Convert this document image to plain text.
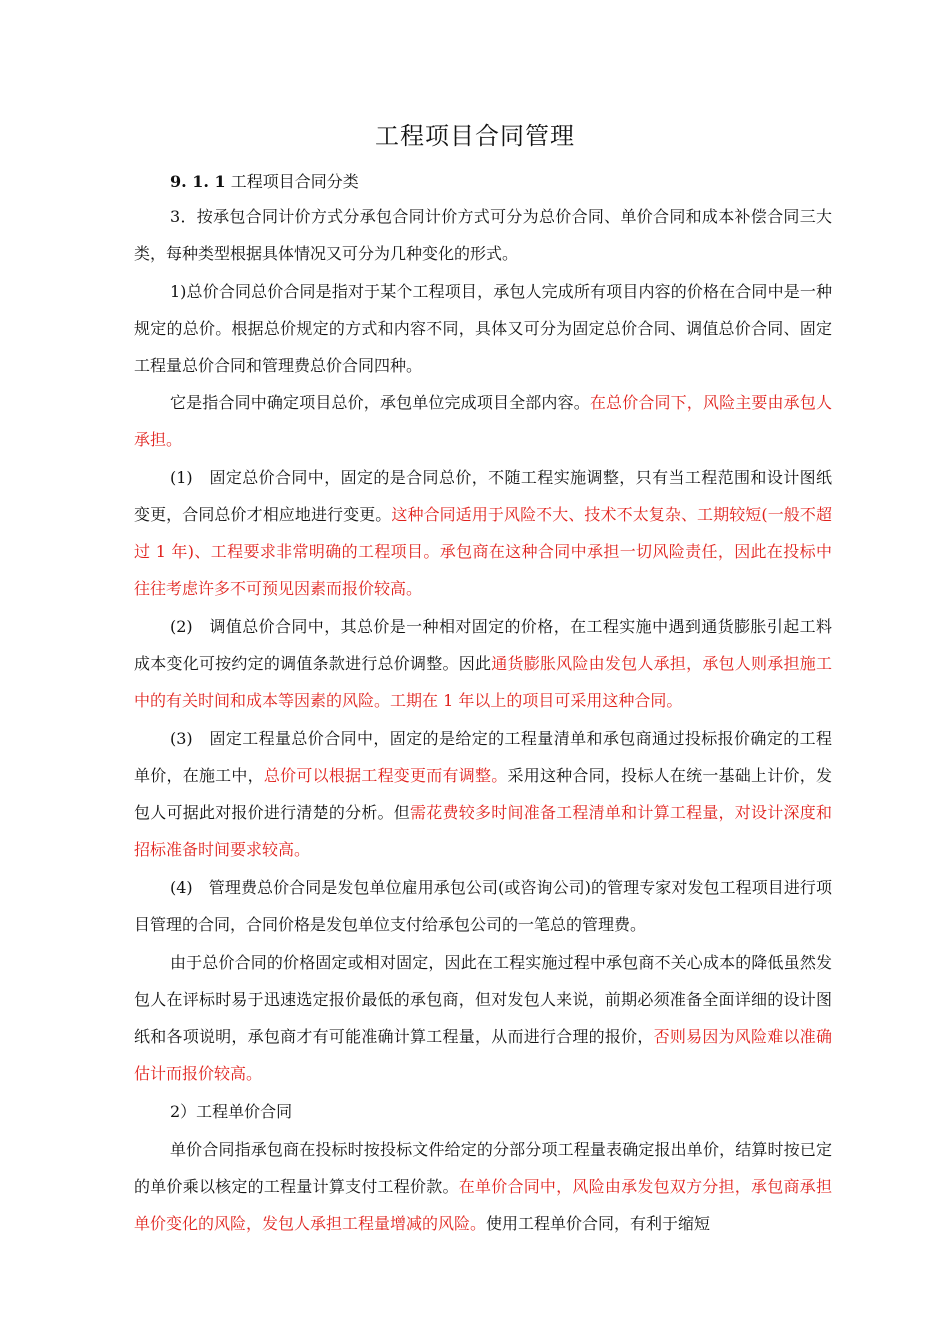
工程项目合同管理

9. 1. 1 工程项目合同分类

3．按承包合同计价方式分承包合同计价方式可分为总价合同、单价合同和成本补偿合同三大类，每种类型根据具体情况又可分为几种变化的形式。

1)总价合同总价合同是指对于某个工程项目，承包人完成所有项目内容的价格在合同中是一种规定的总价。根据总价规定的方式和内容不同，具体又可分为固定总价合同、调值总价合同、固定工程量总价合同和管理费总价合同四种。

它是指合同中确定项目总价，承包单位完成项目全部内容。在总价合同下，风险主要由承包人承担。

(1)　固定总价合同中，固定的是合同总价，不随工程实施调整，只有当工程范围和设计图纸变更，合同总价才相应地进行变更。这种合同适用于风险不大、技术不太复杂、工期较短(一般不超过 1 年)、工程要求非常明确的工程项目。承包商在这种合同中承担一切风险责任，因此在投标中往往考虑许多不可预见因素而报价较高。

(2)　调值总价合同中，其总价是一种相对固定的价格，在工程实施中遇到通货膨胀引起工料成本变化可按约定的调值条款进行总价调整。因此通货膨胀风险由发包人承担，承包人则承担施工中的有关时间和成本等因素的风险。工期在 1 年以上的项目可采用这种合同。

(3)　固定工程量总价合同中，固定的是给定的工程量清单和承包商通过投标报价确定的工程单价，在施工中，总价可以根据工程变更而有调整。采用这种合同，投标人在统一基础上计价，发包人可据此对报价进行清楚的分析。但需花费较多时间准备工程清单和计算工程量，对设计深度和招标准备时间要求较高。

(4)　管理费总价合同是发包单位雇用承包公司(或咨询公司)的管理专家对发包工程项目进行项目管理的合同，合同价格是发包单位支付给承包公司的一笔总的管理费。

由于总价合同的价格固定或相对固定，因此在工程实施过程中承包商不关心成本的降低虽然发包人在评标时易于迅速选定报价最低的承包商，但对发包人来说，前期必须准备全面详细的设计图纸和各项说明，承包商才有可能准确计算工程量，从而进行合理的报价，否则易因为风险难以准确估计而报价较高。

2）工程单价合同

单价合同指承包商在投标时按投标文件给定的分部分项工程量表确定报出单价，结算时按已定的单价乘以核定的工程量计算支付工程价款。在单价合同中，风险由承发包双方分担，承包商承担单价变化的风险，发包人承担工程量增减的风险。使用工程单价合同，有利于缩短
